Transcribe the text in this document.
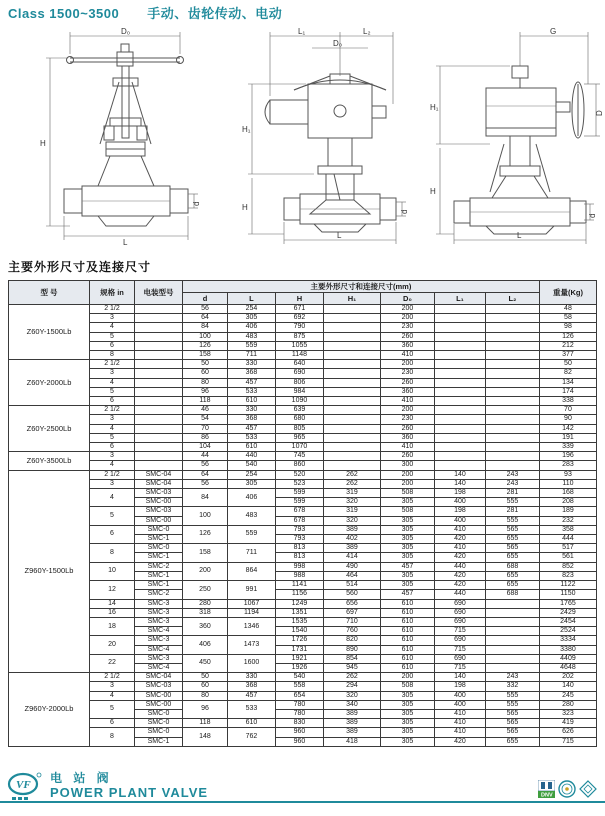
Class 1500~3500 手动、齿轮传动、电动
D₀
H
d
L
L₁	L₂
D₀
H₁
H	d
L
G
D
H₁
H
d
L
主要外形尺寸及连接尺寸
型 号	规格 in	电装型号	主要外形尺寸和连接尺寸(mm)							重量(Kg)
			d	L	H	H₁	D₀	L₁	L₂	
Z60Y-1500Lb	2 1/2		56	254	671		200			48
	3		64	305	692		200			58
	4		84	406	790		230			98
	5		100	483	875		260			126
	6		126	559	1055		360			212
	8		158	711	1148		410			377
Z60Y-2000Lb	2 1/2		50	330	640		200			50
	3		60	368	690		230			82
	4		80	457	806		260			134
	5		96	533	984		360			174
	6		118	610	1090		410			338
Z60Y-2500Lb	2 1/2		46	330	639		200			70
	3		54	368	680		230			90
	4		70	457	805		260			142
	5		86	533	965		360			191
	6		104	610	1070		410			339
Z60Y-3500Lb	3		44	440	745		260			196
	4		56	540	860		300			283
Z960Y-1500Lb	2 1/2	SMC-04	64	254	520	262	200	140	243	93
	3	SMC-04	56	305	523	262	200	140	243	110
	4	SMC-03	84	406	599	319	508	198	281	168
		SMC-00			599	320	305	400	555	208
	5	SMC-03	100	483	678	319	508	198	281	189
		SMC-00			678	320	305	400	555	232
	6	SMC-0	126	559	793	389	305	410	565	358
		SMC-1			793	402	305	420	655	444
	8	SMC-0	158	711	813	389	305	410	565	517
		SMC-1			813	414	305	420	655	561
	10	SMC-2	200	864	998	490	457	440	688	852
		SMC-1			988	464	305	420	655	823
	12	SMC-1	250	991	1141	514	305	420	655	1122
		SMC-2			1156	560	457	440	688	1150
	14	SMC-3	280	1067	1249	656	610	690		1765
	16	SMC-3	318	1194	1351	697	610	690		2429
	18	SMC-3	360	1346	1535	710	610	690		2454
		SMC-4			1540	760	610	715		2524
	20	SMC-3	406	1473	1726	820	610	690		3334
		SMC-4			1731	890	610	715		3380
	22	SMC-3	450	1600	1921	854	610	690		4409
		SMC-4			1926	945	610	715		4648
Z960Y-2000Lb	2 1/2	SMC-04	50	330	540	262	200	140	243	202
	3	SMC-03	60	368	558	294	508	198	332	140
	4	SMC-00	80	457	654	320	305	400	555	245
	5	SMC-00	96	533	780	340	305	400	555	280
		SMC-0			780	389	305	410	565	323
	6	SMC-0	118	610	830	389	305	410	565	419
	8	SMC-0	148	762	960	389	305	410	565	626
		SMC-1			960	418	305	420	655	715
VF 电 站 阀
POWER PLANT VALVE	DNV
